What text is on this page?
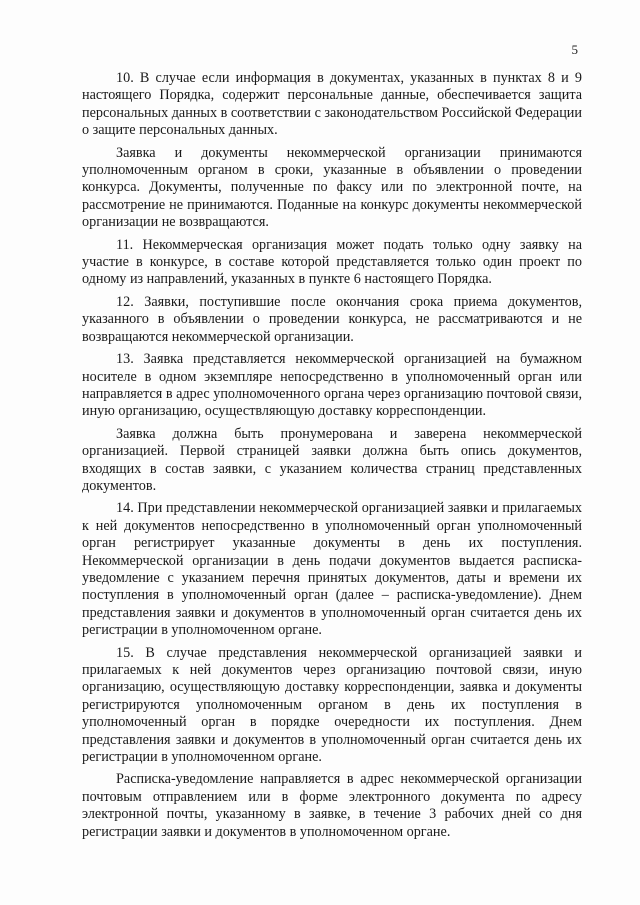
5

10. В случае если информация в документах, указанных в пунктах 8 и 9 настоящего Порядка, содержит персональные данные, обеспечивается защита персональных данных в соответствии с законодательством Российской Федерации о защите персональных данных.

Заявка и документы некоммерческой организации принимаются уполномоченным органом в сроки, указанные в объявлении о проведении конкурса. Документы, полученные по факсу или по электронной почте, на рассмотрение не принимаются. Поданные на конкурс документы некоммерческой организации не возвращаются.

11. Некоммерческая организация может подать только одну заявку на участие в конкурсе, в составе которой представляется только один проект по одному из направлений, указанных в пункте 6 настоящего Порядка.

12. Заявки, поступившие после окончания срока приема документов, указанного в объявлении о проведении конкурса, не рассматриваются и не возвращаются некоммерческой организации.

13. Заявка представляется некоммерческой организацией на бумажном носителе в одном экземпляре непосредственно в уполномоченный орган или направляется в адрес уполномоченного органа через организацию почтовой связи, иную организацию, осуществляющую доставку корреспонденции.

Заявка должна быть пронумерована и заверена некоммерческой организацией. Первой страницей заявки должна быть опись документов, входящих в состав заявки, с указанием количества страниц представленных документов.

14. При представлении некоммерческой организацией заявки и прилагаемых к ней документов непосредственно в уполномоченный орган уполномоченный орган регистрирует указанные документы в день их поступления. Некоммерческой организации в день подачи документов выдается расписка-уведомление с указанием перечня принятых документов, даты и времени их поступления в уполномоченный орган (далее – расписка-уведомление). Днем представления заявки и документов в уполномоченный орган считается день их регистрации в уполномоченном органе.

15. В случае представления некоммерческой организацией заявки и прилагаемых к ней документов через организацию почтовой связи, иную организацию, осуществляющую доставку корреспонденции, заявка и документы регистрируются уполномоченным органом в день их поступления в уполномоченный орган в порядке очередности их поступления. Днем представления заявки и документов в уполномоченный орган считается день их регистрации в уполномоченном органе.

Расписка-уведомление направляется в адрес некоммерческой организации почтовым отправлением или в форме электронного документа по адресу электронной почты, указанному в заявке, в течение 3 рабочих дней со дня регистрации заявки и документов в уполномоченном органе.
